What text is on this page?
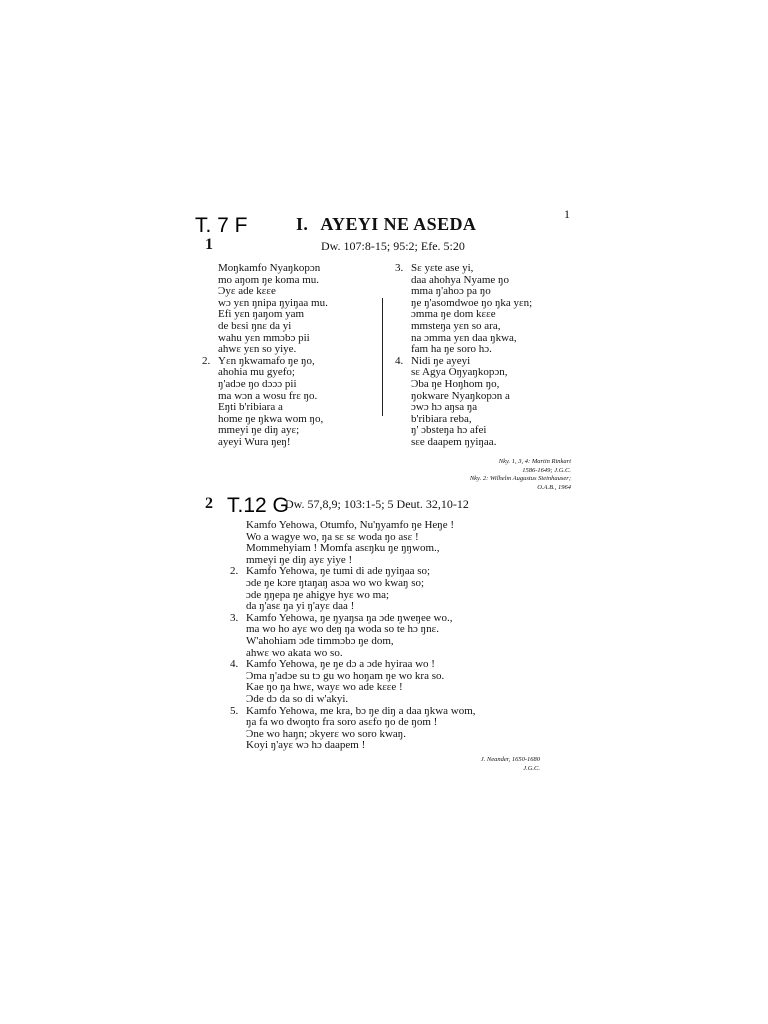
1
T. 7 F	I. AYEYI NE ASEDA
1	Dw. 107:8-15; 95:2; Efe. 5:20
Moŋkamfo Nyaŋkopɔn
mo aŋom ŋe koma mu.
Ɔyɛ ade kɛɛe
wɔ yɛn ŋnipa ŋyiŋaa mu.
Efi yɛn ŋaŋom yam
de bɛsi ŋnɛ da yi
wahu yɛn mmɔbɔ pii
ahwɛ yɛn so yiye.
2. Yɛn ŋkwamafo ŋe ŋo,
ahohia mu gyefo;
ŋ'adɔe ŋo dɔɔɔ pii
ma wɔn a wosu frɛ ŋo.
Eŋti b'ribiara a
home ŋe ŋkwa wom ŋo,
mmeyi ŋe diŋ ayɛ;
ayeyi Wura ŋeŋ!
3. Sɛ yɛte ase yi,
daa ahohya Nyame ŋo
mma ŋ'ahoɔ pa ŋo
ŋe ŋ'asomdwoe ŋo ŋka yɛn;
ɔmma ŋe dom kɛɛe
mmsteŋa yɛn so ara,
na ɔmma yɛn daa ŋkwa,
fam ha ŋe soro hɔ.
4. Nidi ŋe ayeyi
sɛ Agya Oŋyaŋkopɔn,
Ɔba ŋe Hoŋhom ŋo,
ŋokware Nyaŋkopɔn a
ɔwɔ hɔ aŋsa ŋa
b'ribiara reba,
ŋ' ɔbsteŋa hɔ afei
sɛe daapem ŋyiŋaa.
Nky. 1, 3, 4: Martin Rinkart
1586-1649; J.G.C.
Nky. 2: Wilhelm Augustus Steinhauser;
O.A.B., 1964
2 T.12 G
Dw. 57,8,9; 103:1-5; 5 Deut. 32,10-12
Kamfo Yehowa, Otumfo, Nu'ŋyamfo ŋe Heŋe !
Wo a wagye wo, ŋa sɛ sɛ woda ŋo asɛ !
Mommehyiam ! Momfa asɛŋku ŋe ŋŋwom.,
mmeyi ŋe diŋ ayɛ yiye !
2. Kamfo Yehowa, ŋe tumi di ade ŋyiŋaa so;
ɔde ŋe kɔre ŋtaŋaŋ asɔa wo wo kwaŋ so;
ɔde ŋŋepa ŋe ahigye hyɛ wo ma;
da ŋ'asɛ ŋa yi ŋ'ayɛ daa !
3. Kamfo Yehowa, ŋe ŋyaŋsa ŋa ɔde ŋweŋee wo.,
ma wo ho ayɛ wo deŋ ŋa woda so te hɔ ŋnɛ.
W'ahohiam ɔde timmɔbɔ ŋe dom,
ahwɛ wo akata wo so.
4. Kamfo Yehowa, ŋe ŋe dɔ a ɔde hyiraa wo !
Ɔma ŋ'adɔe su tɔ gu wo hoŋam ŋe wo kra so.
Kae ŋo ŋa hwɛ, wayɛ wo ade kɛɛe !
Ɔde dɔ da so di w'akyi.
5. Kamfo Yehowa, me kra, bɔ ŋe diŋ a daa ŋkwa wom,
ŋa fa wo dwoŋto fra soro asɛfo ŋo de ŋom !
Ɔne wo haŋn; ɔkyerɛ wo soro kwaŋ.
Koyi ŋ'ayɛ wɔ hɔ daapem !
J. Neander, 1650-1680
J.G.C.
